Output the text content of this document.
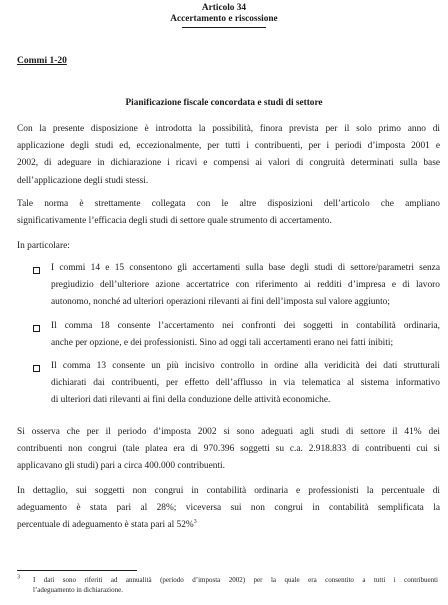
Articolo 34
Accertamento e riscossione
Commi 1-20
Pianificazione fiscale concordata e studi di settore
Con la presente disposizione è introdotta la possibilità, finora prevista per il solo primo anno di
applicazione degli studi ed, eccezionalmente, per tutti i contribuenti, per i periodi d’imposta 2001 e
2002, di adeguare in dichiarazione i ricavi e compensi ai valori di congruità determinati sulla base
dell’applicazione degli studi stessi.
Tale norma è strettamente collegata con le altre disposizioni dell’articolo che ampliano
significativamente l’efficacia degli studi di settore quale strumento di accertamento.
In particolare:
I commi 14 e 15 consentono gli accertamenti sulla base degli studi di settore/parametri senza
pregiudizio dell’ulteriore azione accertatrice con riferimento ai redditi d’impresa e di lavoro
autonomo, nonché ad ulteriori operazioni rilevanti ai fini dell’imposta sul valore aggiunto;
Il comma 18 consente l’accertamento nei confronti dei soggetti in contabilità ordinaria,
anche per opzione, e dei professionisti. Sino ad oggi tali accertamenti erano nei fatti inibiti;
Il comma 13 consente un più incisivo controllo in ordine alla veridicità dei dati strutturali
dichiarati dai contribuenti, per effetto dell’afflusso in via telematica al sistema informativo
di ulteriori dati rilevanti ai fini della conduzione delle attività economiche.
Si osserva che per il periodo d’imposta 2002 si sono adeguati agli studi di settore il 41% dei
contribuenti non congrui (tale platea era di 970.396 soggetti su c.a. 2.918.833 di contribuenti cui si
applicavano gli studi) pari a circa 400.000 contribuenti.
In dettaglio, sui soggetti non congrui in contabilità ordinaria e professionisti la percentuale di
adeguamento è stata pari al 28%; viceversa sui non congrui in contabilità semplificata la
percentuale di adeguamento è stata pari al 52%$^3$
$^3$ I dati sono riferiti ad annualità (periodo d’imposta 2002) per la quale era consentito a tutti i contribuenti
l’adeguamento in dichiarazione.
